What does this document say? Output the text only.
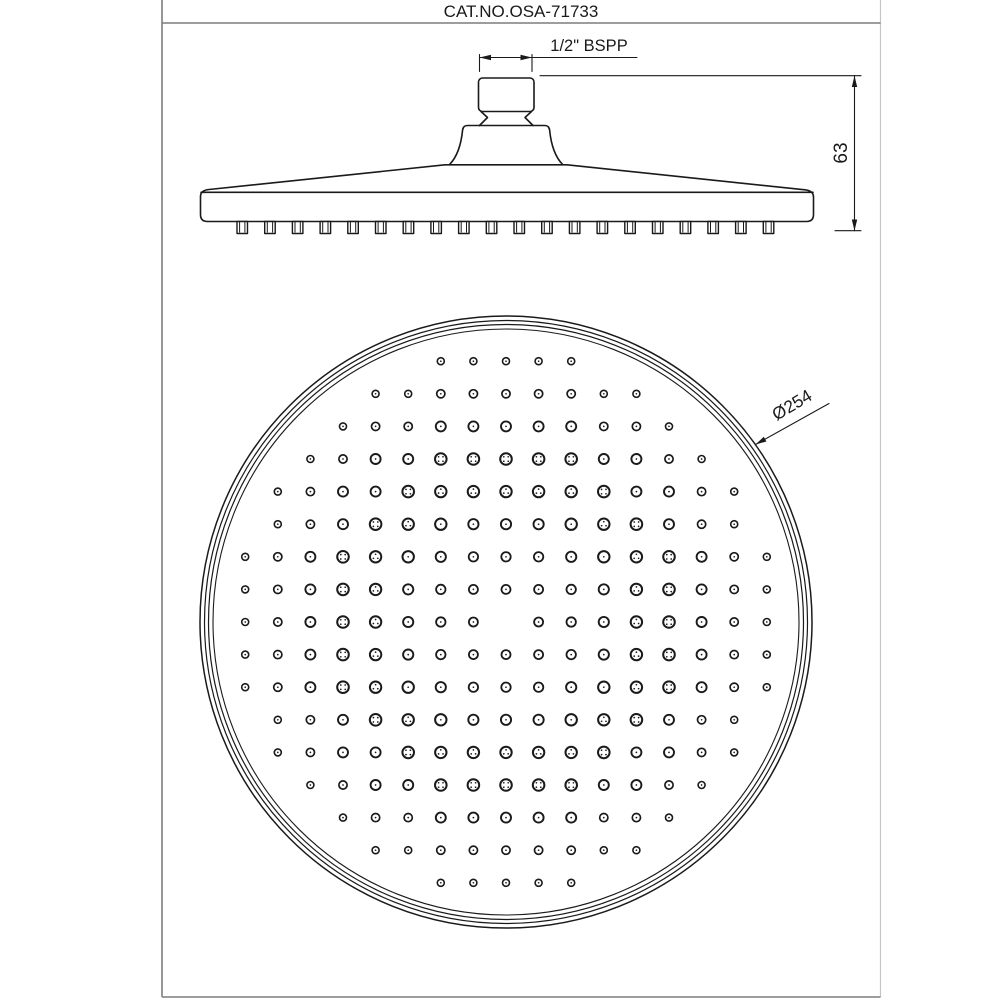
CAT.NO.OSA-71733
1/2" BSPP
63
Ø254
